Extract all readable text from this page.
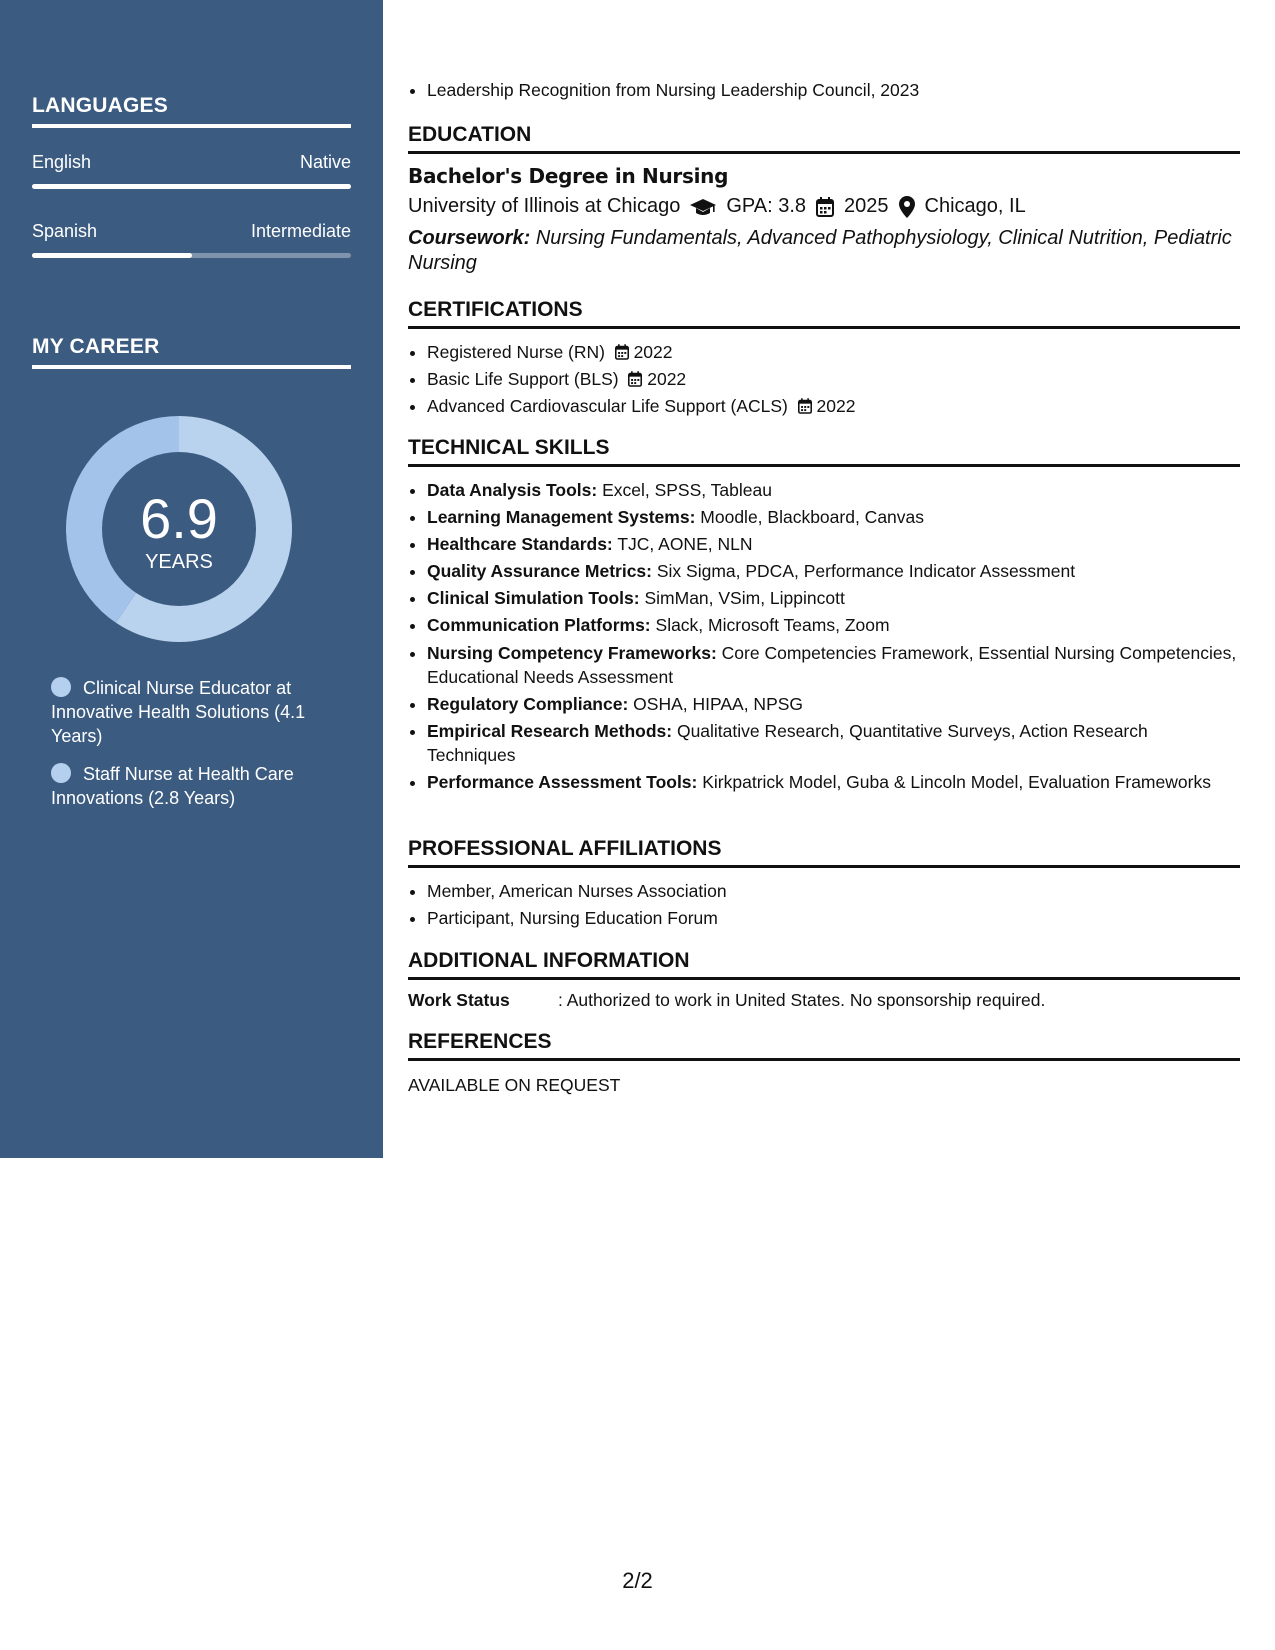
LANGUAGES
English	Native
Spanish	Intermediate
MY CAREER
6.9
YEARS
Clinical Nurse Educator at Innovative Health Solutions (4.1 Years)
Staff Nurse at Health Care Innovations (2.8 Years)
• Leadership Recognition from Nursing Leadership Council, 2023
EDUCATION
Bachelor's Degree in Nursing
University of Illinois at Chicago GPA: 3.8 2025 Chicago, IL
Coursework: Nursing Fundamentals, Advanced Pathophysiology, Clinical Nutrition, Pediatric Nursing
CERTIFICATIONS
• Registered Nurse (RN) 2022
• Basic Life Support (BLS) 2022
• Advanced Cardiovascular Life Support (ACLS) 2022
TECHNICAL SKILLS
• Data Analysis Tools: Excel, SPSS, Tableau
• Learning Management Systems: Moodle, Blackboard, Canvas
• Healthcare Standards: TJC, AONE, NLN
• Quality Assurance Metrics: Six Sigma, PDCA, Performance Indicator Assessment
• Clinical Simulation Tools: SimMan, VSim, Lippincott
• Communication Platforms: Slack, Microsoft Teams, Zoom
• Nursing Competency Frameworks: Core Competencies Framework, Essential Nursing Competencies, Educational Needs Assessment
• Regulatory Compliance: OSHA, HIPAA, NPSG
• Empirical Research Methods: Qualitative Research, Quantitative Surveys, Action Research Techniques
• Performance Assessment Tools: Kirkpatrick Model, Guba & Lincoln Model, Evaluation Frameworks
PROFESSIONAL AFFILIATIONS
• Member, American Nurses Association
• Participant, Nursing Education Forum
ADDITIONAL INFORMATION
Work Status	: Authorized to work in United States. No sponsorship required.
REFERENCES
AVAILABLE ON REQUEST
2/2
